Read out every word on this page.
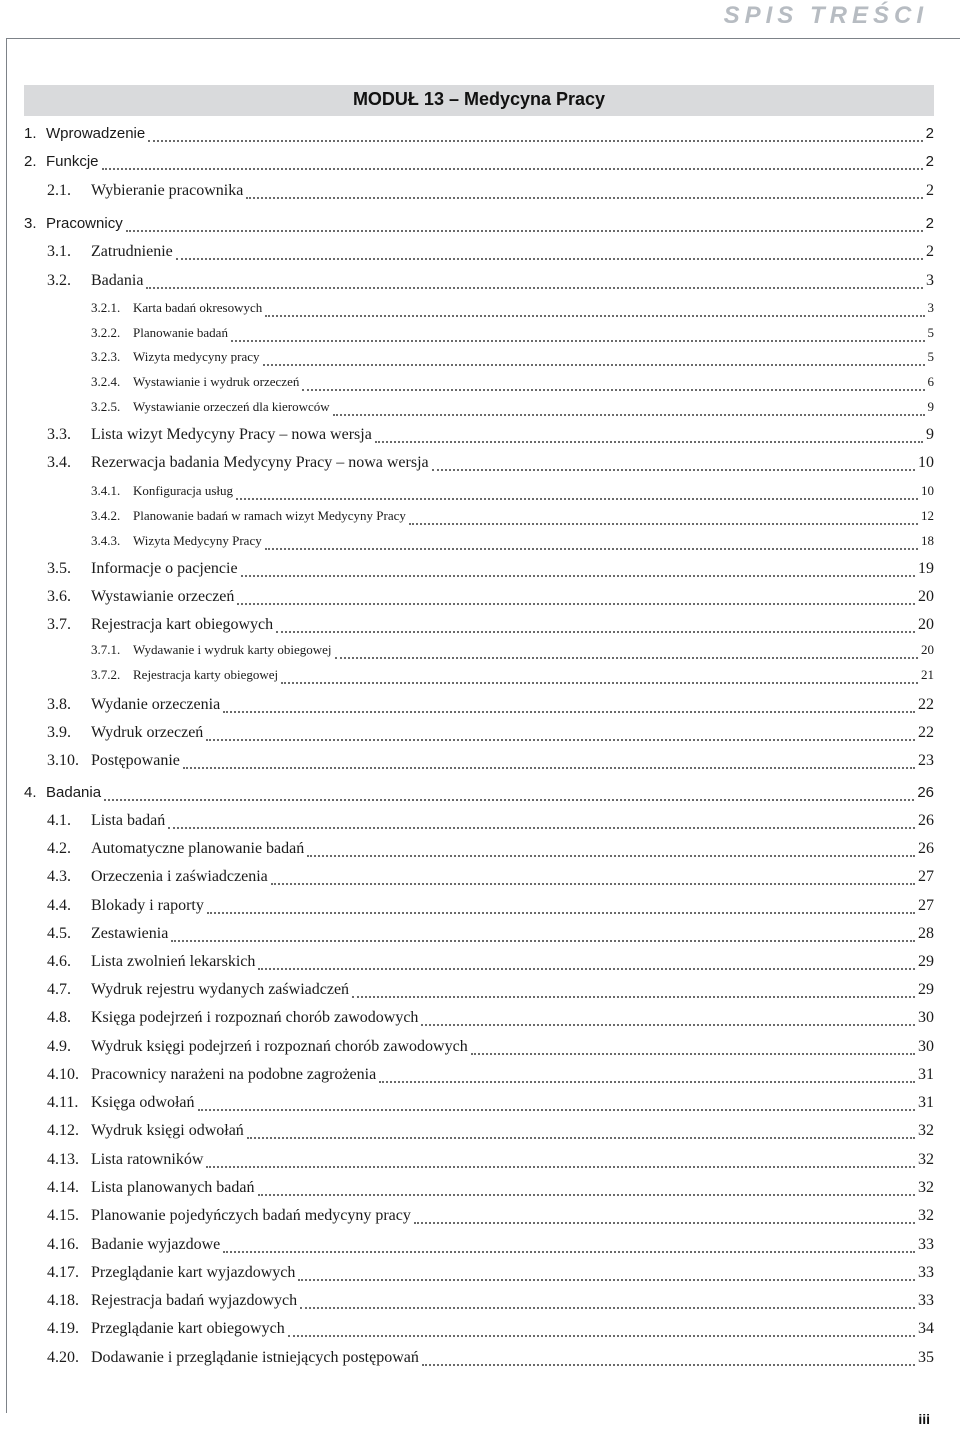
SPIS TREŚCI
MODUŁ 13 – Medycyna Pracy
1. Wprowadzenie	2
2. Funkcje	2
2.1.	Wybieranie pracownika	2
3. Pracownicy	2
3.1.	Zatrudnienie	2
3.2.	Badania	3
3.2.1. Karta badań okresowych	3
3.2.2. Planowanie badań	5
3.2.3. Wizyta medycyny pracy	5
3.2.4. Wystawianie i wydruk orzeczeń	6
3.2.5. Wystawianie orzeczeń dla kierowców	9
3.3.	Lista wizyt Medycyny Pracy – nowa wersja	9
3.4.	Rezerwacja badania Medycyny Pracy – nowa wersja	10
3.4.1. Konfiguracja usług	10
3.4.2. Planowanie badań w ramach wizyt Medycyny Pracy	12
3.4.3. Wizyta Medycyny Pracy	18
3.5.	Informacje o pacjencie	19
3.6.	Wystawianie orzeczeń	20
3.7.	Rejestracja kart obiegowych	20
3.7.1. Wydawanie i wydruk karty obiegowej	20
3.7.2. Rejestracja karty obiegowej	21
3.8.	Wydanie orzeczenia	22
3.9.	Wydruk orzeczeń	22
3.10. Postępowanie	23
4. Badania	26
4.1.	Lista badań	26
4.2.	Automatyczne planowanie badań	26
4.3.	Orzeczenia i zaświadczenia	27
4.4.	Blokady i raporty	27
4.5.	Zestawienia	28
4.6.	Lista zwolnień lekarskich	29
4.7.	Wydruk rejestru wydanych zaświadczeń	29
4.8.	Księga podejrzeń i rozpoznań chorób zawodowych	30
4.9.	Wydruk księgi podejrzeń i rozpoznań chorób zawodowych	30
4.10. Pracownicy narażeni na podobne zagrożenia	31
4.11. Księga odwołań	31
4.12. Wydruk księgi odwołań	32
4.13. Lista ratowników	32
4.14. Lista planowanych badań	32
4.15. Planowanie pojedyńczych badań medycyny pracy	32
4.16. Badanie wyjazdowe	33
4.17. Przeglądanie kart wyjazdowych	33
4.18. Rejestracja badań wyjazdowych	33
4.19. Przeglądanie kart obiegowych	34
4.20. Dodawanie i przeglądanie istniejących postępowań	35
iii
